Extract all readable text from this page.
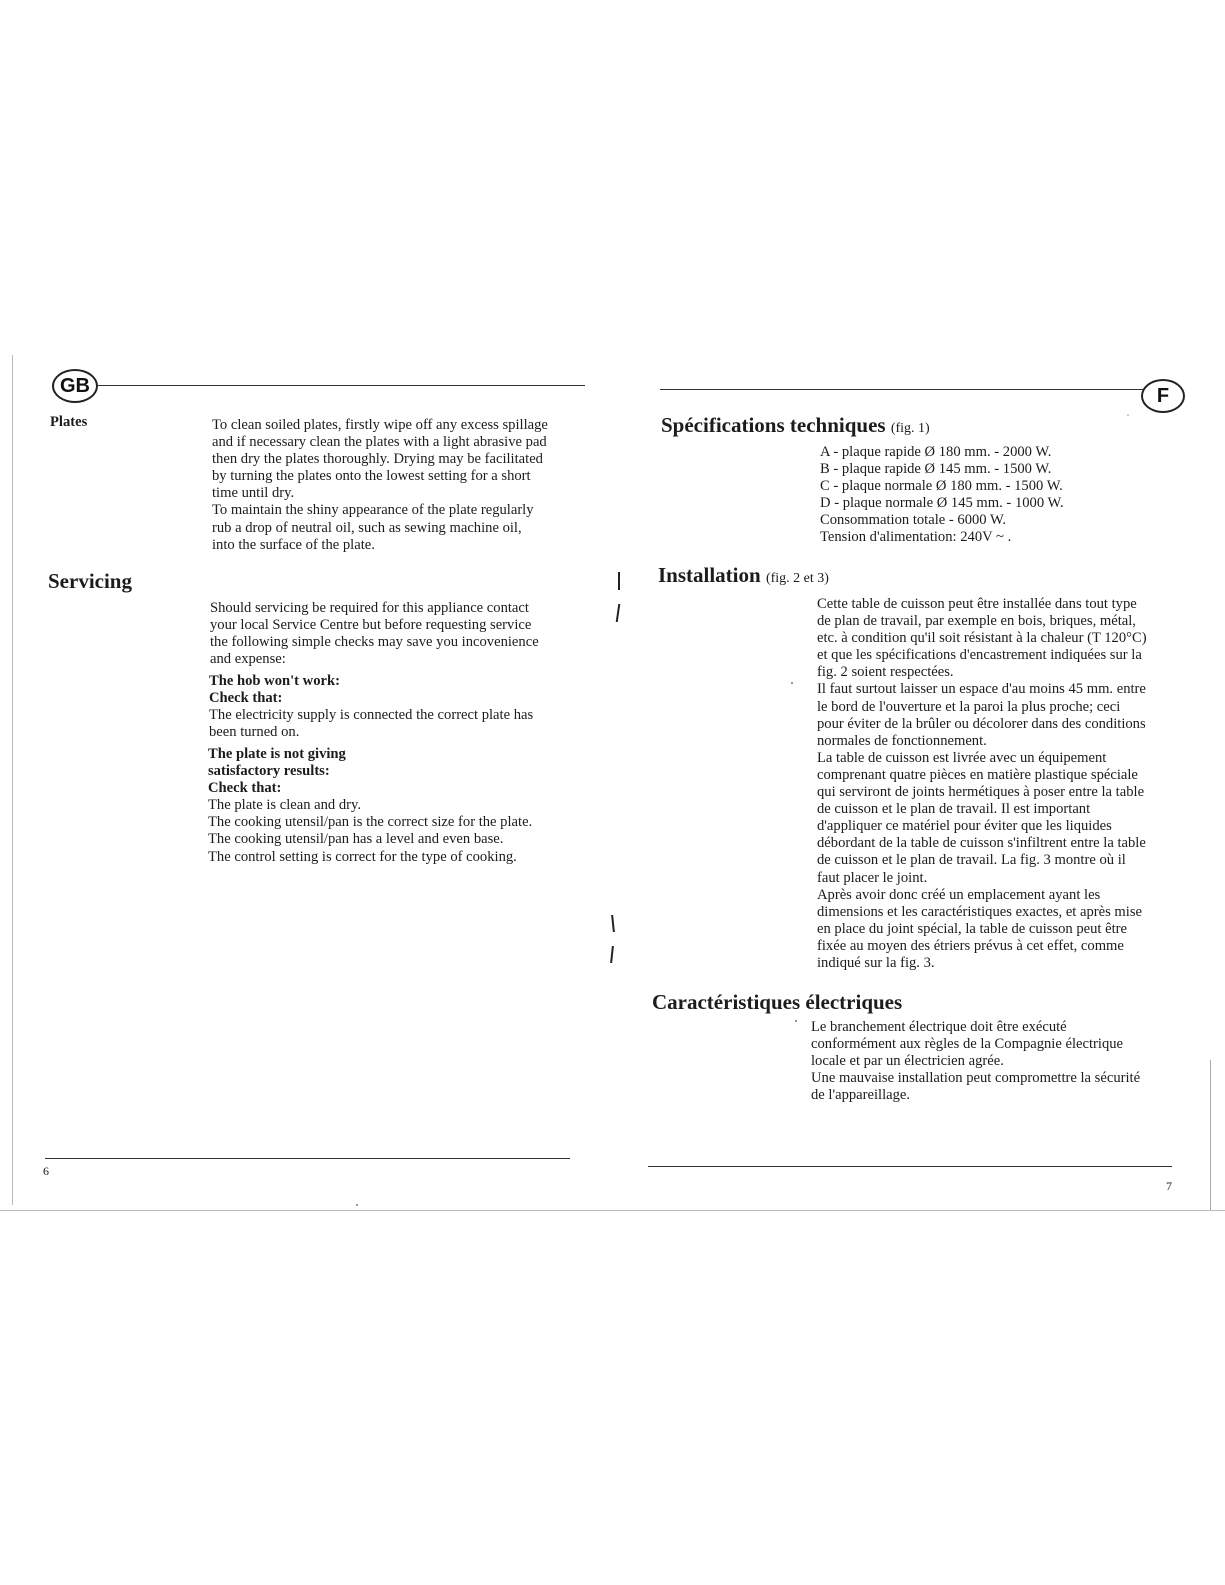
GB
Plates	To clean soiled plates, firstly wipe off any excess spillage
and if necessary clean the plates with a light abrasive pad
then dry the plates thoroughly. Drying may be facilitated
by turning the plates onto the lowest setting for a short
time until dry.
To maintain the shiny appearance of the plate regularly
rub a drop of neutral oil, such as sewing machine oil,
into the surface of the plate.
Servicing
Should servicing be required for this appliance contact
your local Service Centre but before requesting service
the following simple checks may save you incovenience
and expense:
The hob won't work:
Check that:
The electricity supply is connected the correct plate has
been turned on.
The plate is not giving
satisfactory results:
Check that:
The plate is clean and dry.
The cooking utensil/pan is the correct size for the plate.
The cooking utensil/pan has a level and even base.
The control setting is correct for the type of cooking.
6
F
Spécifications techniques (fig. 1)
A - plaque rapide Ø 180 mm. - 2000 W.
B - plaque rapide Ø 145 mm. - 1500 W.
C - plaque normale Ø 180 mm. - 1500 W.
D - plaque normale Ø 145 mm. - 1000 W.
Consommation totale - 6000 W.
Tension d'alimentation: 240V ~ .
Installation (fig. 2 et 3)
Cette table de cuisson peut être installée dans tout type
de plan de travail, par exemple en bois, briques, métal,
etc. à condition qu'il soit résistant à la chaleur (T 120°C)
et que les spécifications d'encastrement indiquées sur la
fig. 2 soient respectées.
Il faut surtout laisser un espace d'au moins 45 mm. entre
le bord de l'ouverture et la paroi la plus proche; ceci
pour éviter de la brûler ou décolorer dans des conditions
normales de fonctionnement.
La table de cuisson est livrée avec un équipement
comprenant quatre pièces en matière plastique spéciale
qui serviront de joints hermétiques à poser entre la table
de cuisson et le plan de travail. Il est important
d'appliquer ce matériel pour éviter que les liquides
débordant de la table de cuisson s'infiltrent entre la table
de cuisson et le plan de travail. La fig. 3 montre où il
faut placer le joint.
Après avoir donc créé un emplacement ayant les
dimensions et les caractéristiques exactes, et après mise
en place du joint spécial, la table de cuisson peut être
fixée au moyen des étriers prévus à cet effet, comme
indiqué sur la fig. 3.
Caractéristiques électriques
Le branchement électrique doit être exécuté
conformément aux règles de la Compagnie électrique
locale et par un électricien agrée.
Une mauvaise installation peut compromettre la sécurité
de l'appareillage.
7
